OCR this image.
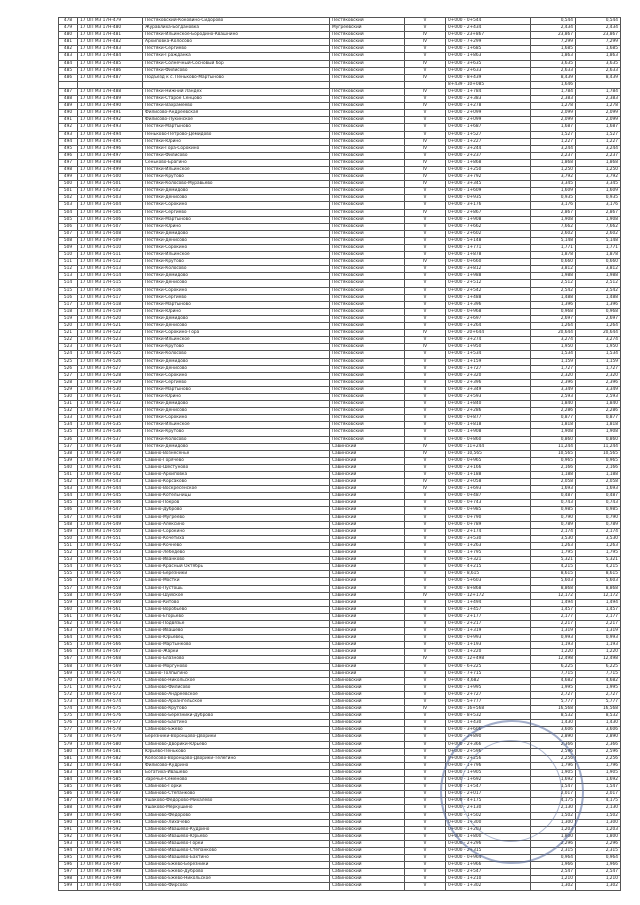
478	17 ОП МЗ 17Н-479	Пестяковский-Коковино-Сидорово	Пестяковский	V	0+000 - 0+544	0,544	0,544
479	17 ОП МЗ 17Н-480	Журавлиха-Богдановка	Мугреевский	V	0+000 - 2+434	2,434	2,434
480	17 ОП МЗ 17Н-481	Пестяки-Ильинское-Бородино-Квашнино	Пестяковский	IV	0+000 - 23+867	23,867	23,867
481	17 ОП МЗ 17Н-482	Архиповка-Колосово	Пестяковский	IV	0+000 - 7+299	7,299	7,299
482	17 ОП МЗ 17Н-483	Пестяки-Сергиево	Пестяковский	V	0+000 - 1+685	1,685	1,685
483	17 ОП МЗ 17Н-484	Пестяки-Гражданка	Пестяковский	V	0+000 - 1+863	1,863	1,863
484	17 ОП МЗ 17Н-485	Пестяки-Солнечный-Сосновый бор	Пестяковский	IV	0+000 - 3+635	3,635	3,635
485	17 ОП МЗ 17Н-486	Пестяки-Филисово	Пестяковский	V	0+000 - 2+633	2,633	2,633
486	17 ОП МЗ 17Н-487	Подъезд к с. Пеньково-Мартыново	Пестяковский	IV	0+000 - 8+439	8,439	8,439
					8+439 - 10+085	1,646	
487	17 ОП МЗ 17Н-488	Пестяки-Нижний Ландех	Пестяковский	IV	0+000 - 1+784	1,784	1,784
488	17 ОП МЗ 17Н-489	Пестяки-Старое Сенцово	Пестяковский	V	0+000 - 2+383	2,383	2,383
489	17 ОП МЗ 17Н-490	Пестяки-Вахрамеево	Пестяковский	IV	0+000 - 1+278	1,278	1,278
490	17 ОП МЗ 17Н-491	Филисово-Андреевская	Пестяковский	V	0+000 - 2+099	2,099	2,099
491	17 ОП МЗ 17Н-492	Филисово-Лукинское	Пестяковский	V	0+000 - 2+099	2,099	2,099
492	17 ОП МЗ 17Н-493	Пестяки-Мартыново	Пестяковский	V	0+000 - 1+687	1,687	1,687
493	17 ОП МЗ 17Н-494	Пеньково-Петрово-Демидово	Пестяковский	V	0+000 - 1+527	1,527	1,527
494	17 ОП МЗ 17Н-495	Пестяки-Юрино	Пестяковский	IV	0+000 - 1+227	1,227	1,227
495	17 ОП МЗ 17Н-496	Пестяки-Гора-Сорокино	Пестяковский	IV	0+000 - 3+244	3,244	3,244
496	17 ОП МЗ 17Н-497	Пестяки-Филисово	Пестяковский	V	0+000 - 2+237	2,237	2,237
497	17 ОП МЗ 17Н-498	Сеньково-Брагино	Пестяковский	IV	0+000 - 1+868	1,868	1,868
498	17 ОП МЗ 17Н-499	Пестяки-Ильинское	Пестяковский	IV	0+000 - 1+250	1,250	1,250
499	17 ОП МЗ 17Н-500	Пестяки-Крутово	Пестяковский	IV	0+000 - 3+792	3,792	3,792
500	17 ОП МЗ 17Н-501	Пестяки-Колосово-Муравьево	Пестяковский	IV	0+000 - 3+345	3,345	3,345
501	17 ОП МЗ 17Н-502	Пестяки-Демидово	Пестяковский	V	0+000 - 1+609	1,609	1,609
502	17 ОП МЗ 17Н-503	Пестяки-Денисово	Пестяковский	V	0+000 - 0+935	0,935	0,935
503	17 ОП МЗ 17Н-504	Пестяки-Сорокино	Пестяковский	V	0+000 - 3+176	3,176	3,176
504	17 ОП МЗ 17Н-505	Пестяки-Сергиево	Пестяковский	IV	0+000 - 2+867	2,867	2,867
505	17 ОП МЗ 17Н-506	Пестяки-Мартыново	Пестяковский	V	0+000 - 1+908	1,908	1,908
506	17 ОП МЗ 17Н-507	Пестяки-Юрино	Пестяковский	V	0+000 - 7+662	7,662	7,662
507	17 ОП МЗ 17Н-508	Пестяки-Демидово	Пестяковский	V	0+000 - 2+602	2,602	2,602
508	17 ОП МЗ 17Н-509	Пестяки-Денисово	Пестяковский	V	0+000 - 5+148	5,148	5,148
509	17 ОП МЗ 17Н-510	Пестяки-Сорокино	Пестяковский	V	0+000 - 1+771	1,771	1,771
510	17 ОП МЗ 17Н-511	Пестяки-Ильинское	Пестяковский	V	0+000 - 1+878	1,878	1,878
511	17 ОП МЗ 17Н-512	Пестяки-Крутово	Пестяковский	IV	0+000 - 0+660	0,660	0,660
512	17 ОП МЗ 17Н-513	Пестяки-Колосово	Пестяковский	V	0+000 - 3+812	3,812	3,812
513	17 ОП МЗ 17Н-514	Пестяки-Демидово	Пестяковский	V	0+000 - 1+988	1,988	1,988
514	17 ОП МЗ 17Н-515	Пестяки-Денисово	Пестяковский	V	0+000 - 2+512	2,512	2,512
515	17 ОП МЗ 17Н-516	Пестяки-Сорокино	Пестяковский	V	0+000 - 2+542	2,542	2,542
516	17 ОП МЗ 17Н-517	Пестяки-Сергиево	Пестяковский	V	0+000 - 1+488	1,488	1,488
517	17 ОП МЗ 17Н-518	Пестяки-Мартыново	Пестяковский	V	0+000 - 1+396	1,396	1,396
518	17 ОП МЗ 17Н-519	Пестяки-Юрино	Пестяковский	V	0+000 - 0+968	0,968	0,968
519	17 ОП МЗ 17Н-520	Пестяки-Демидово	Пестяковский	V	0+000 - 2+697	2,697	2,697
520	17 ОП МЗ 17Н-521	Пестяки-Денисово	Пестяковский	V	0+000 - 1+264	1,264	1,264
521	17 ОП МЗ 17Н-522	Пестяки-Сорокино-Гора	Пестяковский	IV	0+000 - 20+644	20,644	20,644
522	17 ОП МЗ 17Н-523	Пестяки-Ильинское	Пестяковский	V	0+000 - 3+274	3,274	3,274
523	17 ОП МЗ 17Н-524	Пестяки-Крутово	Пестяковский	IV	0+000 - 1+950	1,950	1,950
524	17 ОП МЗ 17Н-525	Пестяки-Колосово	Пестяковский	V	0+000 - 1+534	1,534	1,534
525	17 ОП МЗ 17Н-526	Пестяки-Демидово	Пестяковский	V	0+000 - 1+159	1,159	1,159
526	17 ОП МЗ 17Н-527	Пестяки-Денисово	Пестяковский	V	0+000 - 1+727	1,727	1,727
527	17 ОП МЗ 17Н-528	Пестяки-Сорокино	Пестяковский	V	0+000 - 2+320	2,320	2,320
528	17 ОП МЗ 17Н-529	Пестяки-Сергиево	Пестяковский	V	0+000 - 2+396	2,396	2,396
529	17 ОП МЗ 17Н-530	Пестяки-Мартыново	Пестяковский	V	0+000 - 3+349	3,349	3,349
530	17 ОП МЗ 17Н-531	Пестяки-Юрино	Пестяковский	V	0+000 - 2+593	2,593	2,593
531	17 ОП МЗ 17Н-532	Пестяки-Демидово	Пестяковский	V	0+000 - 1+840	1,840	1,840
532	17 ОП МЗ 17Н-533	Пестяки-Денисово	Пестяковский	V	0+000 - 2+286	2,286	2,286
533	17 ОП МЗ 17Н-534	Пестяки-Сорокино	Пестяковский	V	0+000 - 0+877	0,877	0,877
534	17 ОП МЗ 17Н-535	Пестяки-Ильинское	Пестяковский	V	0+000 - 1+818	1,818	1,818
535	17 ОП МЗ 17Н-536	Пестяки-Крутово	Пестяковский	V	0+000 - 1+908	1,908	1,908
536	17 ОП МЗ 17Н-537	Пестяки-Колосово	Пестяковский	V	0+000 - 0+860	0,860	0,860
537	17 ОП МЗ 17Н-538	Пестяки-Демидово	Савинский	IV	0+000 - 11+244	11,244	11,244
538	17 ОП МЗ 17Н-539	Савино-Вознесенье	Савинский	IV	0+000 - 10,565	10,565	10,565
539	17 ОП МЗ 17Н-540	Савино-Горячево	Савинский	V	0+000 - 0+965	0,965	0,965
540	17 ОП МЗ 17Н-541	Савино-Шестуново	Савинский	V	0+000 - 2+166	2,166	2,166
541	17 ОП МЗ 17Н-542	Савино-Архиповка	Савинский	V	0+000 - 1+188	1,188	1,188
542	17 ОП МЗ 17Н-543	Савино-Корсаково	Савинский	IV	0+000 - 2+058	2,058	2,058
543	17 ОП МЗ 17Н-544	Савино-Воскресенское	Савинский	IV	0+000 - 1+693	1,693	1,693
544	17 ОП МЗ 17Н-545	Савино-Котельницы	Савинский	V	0+000 - 0+487	0,487	0,487
545	17 ОП МЗ 17Н-546	Савино-Покров	Савинский	V	0+000 - 0+743	0,743	0,743
546	17 ОП МЗ 17Н-547	Савино-Дуброво	Савинский	V	0+000 - 0+985	0,985	0,985
547	17 ОП МЗ 17Н-548	Савино-Мугреево	Савинский	V	0+000 - 0+790	0,790	0,790
548	17 ОП МЗ 17Н-549	Савино-Алексино	Савинский	V	0+000 - 0+789	0,789	0,789
549	17 ОП МЗ 17Н-550	Савино-Сорокино	Савинский	V	0+000 - 2+174	2,174	2,174
550	17 ОП МЗ 17Н-551	Савино-Кочетиха	Савинский	V	0+000 - 3+530	3,530	3,530
551	17 ОП МЗ 17Н-552	Савино-Кочнево	Савинский	V	0+000 - 1+263	1,263	1,263
552	17 ОП МЗ 17Н-553	Савино-Лебедево	Савинский	V	0+000 - 1+795	1,795	1,795
553	17 ОП МЗ 17Н-554	Савино-Иванково	Савинский	V	0+000 - 5+321	5,321	5,321
554	17 ОП МЗ 17Н-555	Савино-Красный Октябрь	Савинский	V	0+000 - 4+215	4,215	4,215
555	17 ОП МЗ 17Н-556	Савино-Березники	Савинский	V	0+000 - 8,615	8,615	8,615
556	17 ОП МЗ 17Н-557	Савино-Мостки	Савинский	V	0+000 - 5+603	5,603	5,603
557	17 ОП МЗ 17Н-558	Савино-Пустошь	Савинский	V	0+000 - 8+868	8,868	8,868
558	17 ОП МЗ 17Н-559	Савино-Шуйское	Савинский	IV	0+000 - 12+172	12,172	12,172
559	17 ОП МЗ 17Н-560	Савино-Китово	Савинский	V	0+000 - 1+494	1,494	1,494
560	17 ОП МЗ 17Н-561	Савино-Воробьево	Савинский	V	0+000 - 1+457	1,457	1,457
561	17 ОП МЗ 17Н-562	Савино-Егорьево	Савинский	V	0+000 - 2+177	2,177	2,177
562	17 ОП МЗ 17Н-563	Савино-Подвязье	Савинский	V	0+000 - 2+217	2,217	2,217
563	17 ОП МЗ 17Н-564	Савино-Ивашево	Савинский	V	0+000 - 1+319	1,319	1,319
564	17 ОП МЗ 17Н-565	Савино-Юрьевец	Савинский	V	0+000 - 0+993	0,993	0,993
565	17 ОП МЗ 17Н-566	Савино-Мартынково	Савинский	V	0+000 - 1+193	1,193	1,193
566	17 ОП МЗ 17Н-567	Савино-Жарки	Савинский	V	0+000 - 1+220	1,220	1,220
567	17 ОП МЗ 17Н-568	Савино-Блазново	Савинский	IV	0+000 - 12+498	12,498	12,498
568	17 ОП МЗ 17Н-569	Савино-Моргуново	Савинский	V	0+000 - 6+225	6,225	6,225
569	17 ОП МЗ 17Н-570	Савино-Толпыгино	Савинский	V	0+000 - 7+715	7,715	7,715
570	17 ОП МЗ 17Н-571	Сабиново-Никольское	Сабиновский	V	0+000 - 4,682	4,682	4,682
571	17 ОП МЗ 17Н-572	Сабиново-Филисово	Сабиновский	V	0+000 - 1+995	1,995	1,995
572	17 ОП МЗ 17Н-573	Сабиново-Андреевское	Сабиновский	V	0+000 - 2+727	2,727	2,727
573	17 ОП МЗ 17Н-574	Сабиново-Архангельское	Сабиновский	V	0+000 - 5+777	5,777	5,777
574	17 ОП МЗ 17Н-575	Сабиново-Крутово	Сабиновский	IV	0+000 - 16+568	16,568	16,568
575	17 ОП МЗ 17Н-576	Сабиново-Березники-Дуброво	Сабиновский	V	0+000 - 8+532	8,532	8,532
576	17 ОП МЗ 17Н-577	Сабиново-Бахтино	Сабиновский	V	0+000 - 1+430	1,430	1,430
577	17 ОП МЗ 17Н-578	Сабиново-Ежево	Сабиновский	V	0+000 - 3+606	3,606	3,606
578	17 ОП МЗ 17Н-579	Березники-Воронцово-Дворики	Сабиновский	V	0+000 - 2+890	2,890	2,890
579	17 ОП МЗ 17Н-580	Сабиново-Дворики-Юрьево	Сабиновский	V	0+000 - 2+366	2,366	2,366
580	17 ОП МЗ 17Н-581	Юрьево-Пеньково	Сабиновский	V	0+000 - 2+596	2,596	2,596
581	17 ОП МЗ 17Н-582	Колосово-Воронцово-Дворики-Телегино	Сабиновский	V	0+000 - 2+256	2,256	2,256
582	17 ОП МЗ 17Н-583	Филисово-Кудрино	Сабиновский	V	0+000 - 1+796	1,796	1,796
583	17 ОП МЗ 17Н-584	Богатиха-Ивашево	Сабиновский	V	0+000 - 1+905	1,905	1,905
584	17 ОП МЗ 17Н-585	Заречье-Семеново	Сабиновский	V	0+000 - 1+692	1,692	1,692
585	17 ОП МЗ 17Н-586	Сабиново-Горки	Сабиновский	V	0+000 - 1+547	1,547	1,547
586	17 ОП МЗ 17Н-587	Сабиново-Степанково	Сабиновский	V	0+000 - 2+017	2,017	2,017
587	17 ОП МЗ 17Н-588	Ушаково-Федорово-Михалево	Сабиновский	V	0+000 - 4+175	4,175	4,175
588	17 ОП МЗ 17Н-589	Ушаково-Меркушино	Сабиновский	V	0+000 - 2+130	2,130	2,130
589	17 ОП МЗ 17Н-590	Сабиново-Фёдорово	Сабиновский	V	0+000 - 1+502	1,502	1,502
590	17 ОП МЗ 17Н-591	Сабиново-Лихачево	Сабиновский	V	0+000 - 1+300	1,300	1,300
591	17 ОП МЗ 17Н-592	Сабиново-Ивашево-Кудрино	Сабиновский	V	0+000 - 1+203	1,203	1,203
592	17 ОП МЗ 17Н-593	Сабиново-Ивашево-Юрьево	Сабиновский	V	0+000 - 1+800	1,800	1,800
593	17 ОП МЗ 17Н-594	Сабиново-Ивашево-Горки	Сабиновский	V	0+000 - 2+296	2,296	2,296
594	17 ОП МЗ 17Н-595	Сабиново-Ивашево-Степанково	Сабиновский	V	0+000 - 2+315	2,315	2,315
595	17 ОП МЗ 17Н-596	Сабиново-Ивашево-Бахтино	Сабиновский	V	0+000 - 0+964	0,964	0,964
596	17 ОП МЗ 17Н-597	Сабиново-Ежево-Березники	Сабиновский	V	0+000 - 1+966	1,966	1,966
597	17 ОП МЗ 17Н-598	Сабиново-Ежево-Дуброво	Сабиновский	V	0+000 - 2+547	2,547	2,547
598	17 ОП МЗ 17Н-599	Сабиново-Ежево-Никольское	Сабиновский	V	0+000 - 1+210	1,210	1,210
599	17 ОП МЗ 17Н-600	Сабиново-Фирсово	Сабиновский	V	0+000 - 1+302	1,302	1,302
